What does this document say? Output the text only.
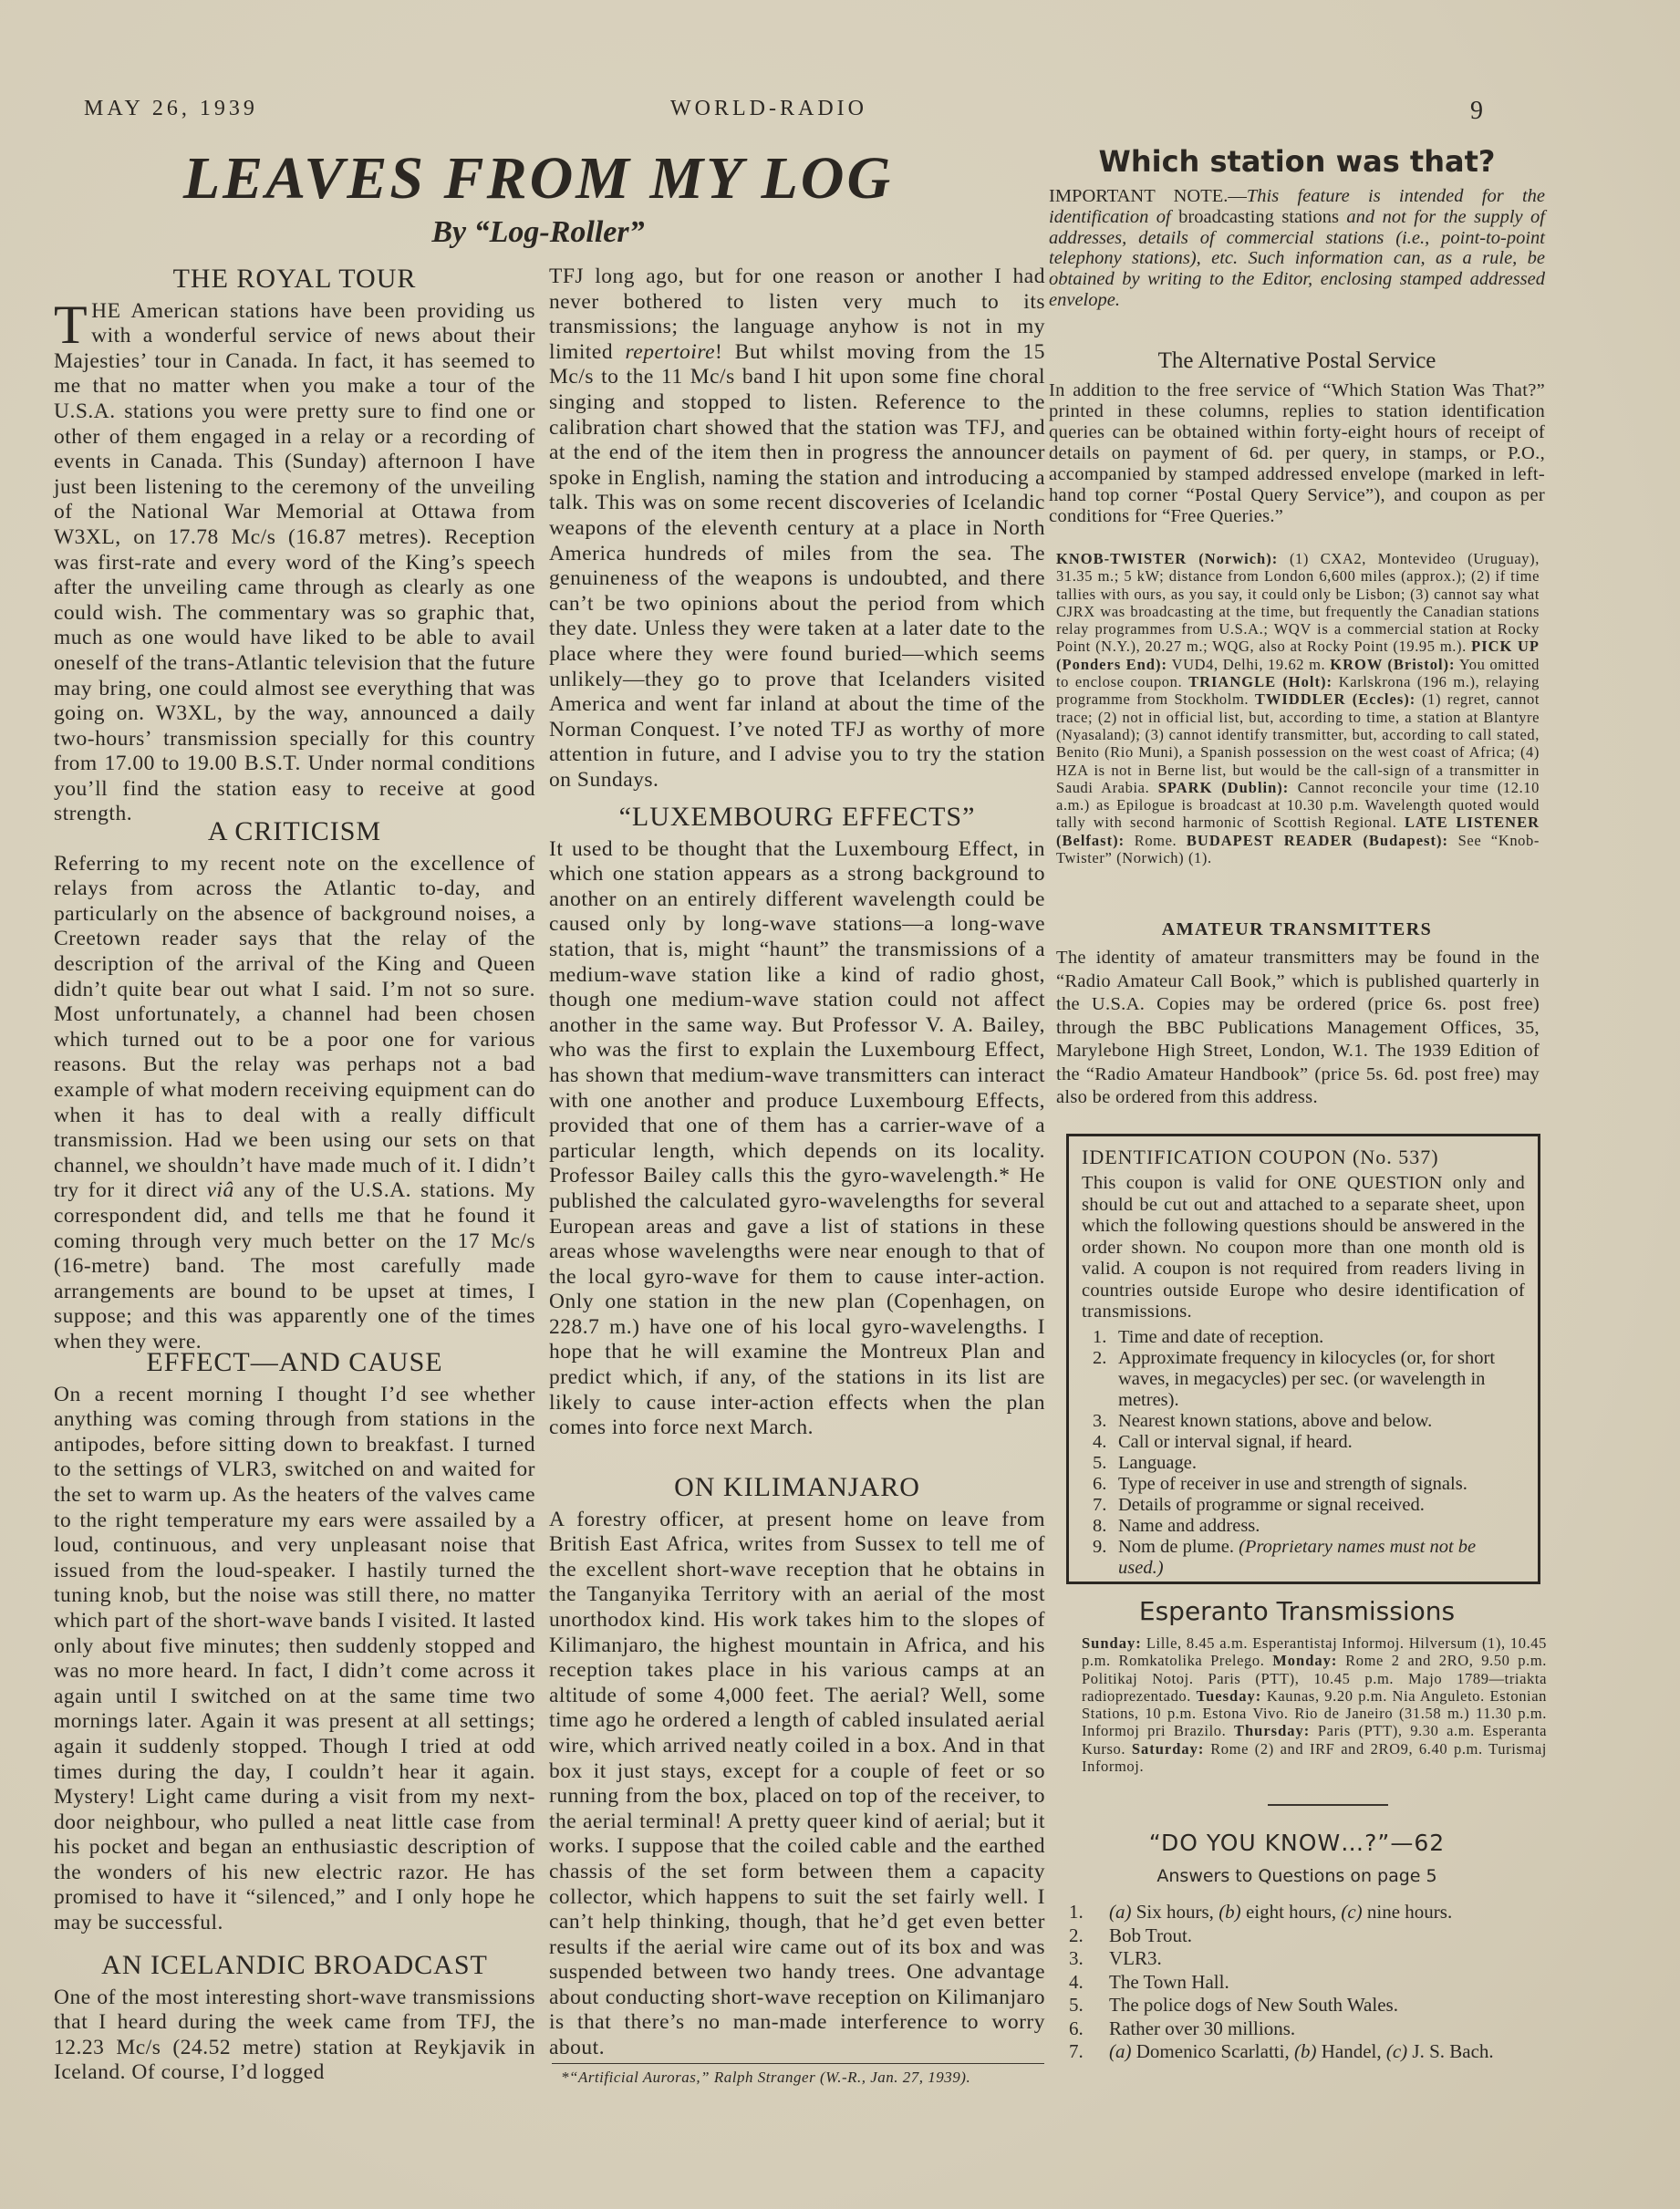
MAY 26, 1939	WORLD-RADIO	9
LEAVES FROM MY LOG
By “Log-Roller”
THE ROYAL TOUR

THE American stations have been providing us with a wonderful service of news about their Majesties’ tour in Canada. In fact, it has seemed to me that no matter when you make a tour of the U.S.A. stations you were pretty sure to find one or other of them engaged in a relay or a recording of events in Canada. This (Sunday) afternoon I have just been listening to the ceremony of the unveiling of the National War Memorial at Ottawa from W3XL, on 17.78 Mc/s (16.87 metres). Reception was first-rate and every word of the King’s speech after the unveiling came through as clearly as one could wish. The commentary was so graphic that, much as one would have liked to be able to avail oneself of the trans-Atlantic television that the future may bring, one could almost see everything that was going on. W3XL, by the way, announced a daily two-hours’ transmission specially for this country from 17.00 to 19.00 B.S.T. Under normal conditions you’ll find the station easy to receive at good strength.

A CRITICISM

Referring to my recent note on the excellence of relays from across the Atlantic to-day, and particularly on the absence of background noises, a Creetown reader says that the relay of the description of the arrival of the King and Queen didn’t quite bear out what I said. I’m not so sure. Most unfortunately, a channel had been chosen which turned out to be a poor one for various reasons. But the relay was perhaps not a bad example of what modern receiving equipment can do when it has to deal with a really difficult transmission. Had we been using our sets on that channel, we shouldn’t have made much of it. I didn’t try for it direct viâ any of the U.S.A. stations. My correspondent did, and tells me that he found it coming through very much better on the 17 Mc/s (16-metre) band. The most carefully made arrangements are bound to be upset at times, I suppose; and this was apparently one of the times when they were.

EFFECT—AND CAUSE

On a recent morning I thought I’d see whether anything was coming through from stations in the antipodes, before sitting down to breakfast. I turned to the settings of VLR3, switched on and waited for the set to warm up. As the heaters of the valves came to the right temperature my ears were assailed by a loud, continuous, and very unpleasant noise that issued from the loud-speaker. I hastily turned the tuning knob, but the noise was still there, no matter which part of the short-wave bands I visited. It lasted only about five minutes; then suddenly stopped and was no more heard. In fact, I didn’t come across it again until I switched on at the same time two mornings later. Again it was present at all settings; again it suddenly stopped. Though I tried at odd times during the day, I couldn’t hear it again. Mystery! Light came during a visit from my next-door neighbour, who pulled a neat little case from his pocket and began an enthusiastic description of the wonders of his new electric razor. He has promised to have it “silenced,” and I only hope he may be successful.

AN ICELANDIC BROADCAST

One of the most interesting short-wave transmissions that I heard during the week came from TFJ, the 12.23 Mc/s (24.52 metre) station at Reykjavik in Iceland. Of course, I’d logged

TFJ long ago, but for one reason or another I had never bothered to listen very much to its transmissions; the language anyhow is not in my limited repertoire! But whilst moving from the 15 Mc/s to the 11 Mc/s band I hit upon some fine choral singing and stopped to listen. Reference to the calibration chart showed that the station was TFJ, and at the end of the item then in progress the announcer spoke in English, naming the station and introducing a talk. This was on some recent discoveries of Icelandic weapons of the eleventh century at a place in North America hundreds of miles from the sea. The genuineness of the weapons is undoubted, and there can’t be two opinions about the period from which they date. Unless they were taken at a later date to the place where they were found buried—which seems unlikely—they go to prove that Icelanders visited America and went far inland at about the time of the Norman Conquest. I’ve noted TFJ as worthy of more attention in future, and I advise you to try the station on Sundays.

“LUXEMBOURG EFFECTS”

It used to be thought that the Luxembourg Effect, in which one station appears as a strong background to another on an entirely different wavelength could be caused only by long-wave stations—a long-wave station, that is, might “haunt” the transmissions of a medium-wave station like a kind of radio ghost, though one medium-wave station could not affect another in the same way. But Professor V. A. Bailey, who was the first to explain the Luxembourg Effect, has shown that medium-wave transmitters can interact with one another and produce Luxembourg Effects, provided that one of them has a carrier-wave of a particular length, which depends on its locality. Professor Bailey calls this the gyro-wavelength.* He published the calculated gyro-wavelengths for several European areas and gave a list of stations in these areas whose wavelengths were near enough to that of the local gyro-wave for them to cause inter-action. Only one station in the new plan (Copenhagen, on 228.7 m.) have one of his local gyro-wavelengths. I hope that he will examine the Montreux Plan and predict which, if any, of the stations in its list are likely to cause inter-action effects when the plan comes into force next March.

ON KILIMANJARO

A forestry officer, at present home on leave from British East Africa, writes from Sussex to tell me of the excellent short-wave reception that he obtains in the Tanganyika Territory with an aerial of the most unorthodox kind. His work takes him to the slopes of Kilimanjaro, the highest mountain in Africa, and his reception takes place in his various camps at an altitude of some 4,000 feet. The aerial? Well, some time ago he ordered a length of cabled insulated aerial wire, which arrived neatly coiled in a box. And in that box it just stays, except for a couple of feet or so running from the box, placed on top of the receiver, to the aerial terminal! A pretty queer kind of aerial; but it works. I suppose that the coiled cable and the earthed chassis of the set form between them a capacity collector, which happens to suit the set fairly well. I can’t help thinking, though, that he’d get even better results if the aerial wire came out of its box and was suspended between two handy trees. One advantage about conducting short-wave reception on Kilimanjaro is that there’s no man-made interference to worry about.

*“Artificial Auroras,” Ralph Stranger (W.-R., Jan. 27, 1939).
Which station was that?
IMPORTANT NOTE.—This feature is intended for the identification of broadcasting stations and not for the supply of addresses, details of commercial stations (i.e., point-to-point telephony stations), etc. Such information can, as a rule, be obtained by writing to the Editor, enclosing stamped addressed envelope.
The Alternative Postal Service
In addition to the free service of “Which Station Was That?” printed in these columns, replies to station identification queries can be obtained within forty-eight hours of receipt of details on payment of 6d. per query, in stamps, or P.O., accompanied by stamped addressed envelope (marked in left-hand top corner “Postal Query Service”), and coupon as per conditions for “Free Queries.”
KNOB-TWISTER (Norwich): (1) CXA2, Montevideo (Uruguay), 31.35 m.; 5 kW; distance from London 6,600 miles (approx.); (2) if time tallies with ours, as you say, it could only be Lisbon; (3) cannot say what CJRX was broadcasting at the time, but frequently the Canadian stations relay programmes from U.S.A.; WQV is a commercial station at Rocky Point (N.Y.), 20.27 m.; WQG, also at Rocky Point (19.95 m.). PICK UP (Ponders End): VUD4, Delhi, 19.62 m. KROW (Bristol): You omitted to enclose coupon. TRIANGLE (Holt): Karlskrona (196 m.), relaying programme from Stockholm. TWIDDLER (Eccles): (1) regret, cannot trace; (2) not in official list, but, according to time, a station at Blantyre (Nyasaland); (3) cannot identify transmitter, but, according to call stated, Benito (Rio Muni), a Spanish possession on the west coast of Africa; (4) HZA is not in Berne list, but would be the call-sign of a transmitter in Saudi Arabia. SPARK (Dublin): Cannot reconcile your time (12.10 a.m.) as Epilogue is broadcast at 10.30 p.m. Wavelength quoted would tally with second harmonic of Scottish Regional. LATE LISTENER (Belfast): Rome. BUDAPEST READER (Budapest): See “Knob-Twister” (Norwich) (1).
AMATEUR TRANSMITTERS
The identity of amateur transmitters may be found in the “Radio Amateur Call Book,” which is published quarterly in the U.S.A. Copies may be ordered (price 6s. post free) through the BBC Publications Management Offices, 35, Marylebone High Street, London, W.1. The 1939 Edition of the “Radio Amateur Handbook” (price 5s. 6d. post free) may also be ordered from this address.
IDENTIFICATION COUPON (No. 537)
This coupon is valid for ONE QUESTION only and should be cut out and attached to a separate sheet, upon which the following questions should be answered in the order shown. No coupon more than one month old is valid. A coupon is not required from readers living in countries outside Europe who desire identification of transmissions.
1. Time and date of reception.
2. Approximate frequency in kilocycles (or, for short waves, in megacycles) per sec. (or wavelength in metres).
3. Nearest known stations, above and below.
4. Call or interval signal, if heard.
5. Language.
6. Type of receiver in use and strength of signals.
7. Details of programme or signal received.
8. Name and address.
9. Nom de plume. (Proprietary names must not be used.)
Esperanto Transmissions
Sunday: Lille, 8.45 a.m. Esperantistaj Informoj. Hilversum (1), 10.45 p.m. Romkatolika Prelego. Monday: Rome 2 and 2RO, 9.50 p.m. Politikaj Notoj. Paris (PTT), 10.45 p.m. Majo 1789—triakta radioprezentado. Tuesday: Kaunas, 9.20 p.m. Nia Anguleto. Estonian Stations, 10 p.m. Estona Vivo. Rio de Janeiro (31.58 m.) 11.30 p.m. Informoj pri Brazilo. Thursday: Paris (PTT), 9.30 a.m. Esperanta Kurso. Saturday: Rome (2) and IRF and 2RO9, 6.40 p.m. Turismaj Informoj.
“DO YOU KNOW…?”—62
Answers to Questions on page 5
1. (a) Six hours, (b) eight hours, (c) nine hours.
2. Bob Trout.
3. VLR3.
4. The Town Hall.
5. The police dogs of New South Wales.
6. Rather over 30 millions.
7. (a) Domenico Scarlatti, (b) Handel, (c) J. S. Bach.
